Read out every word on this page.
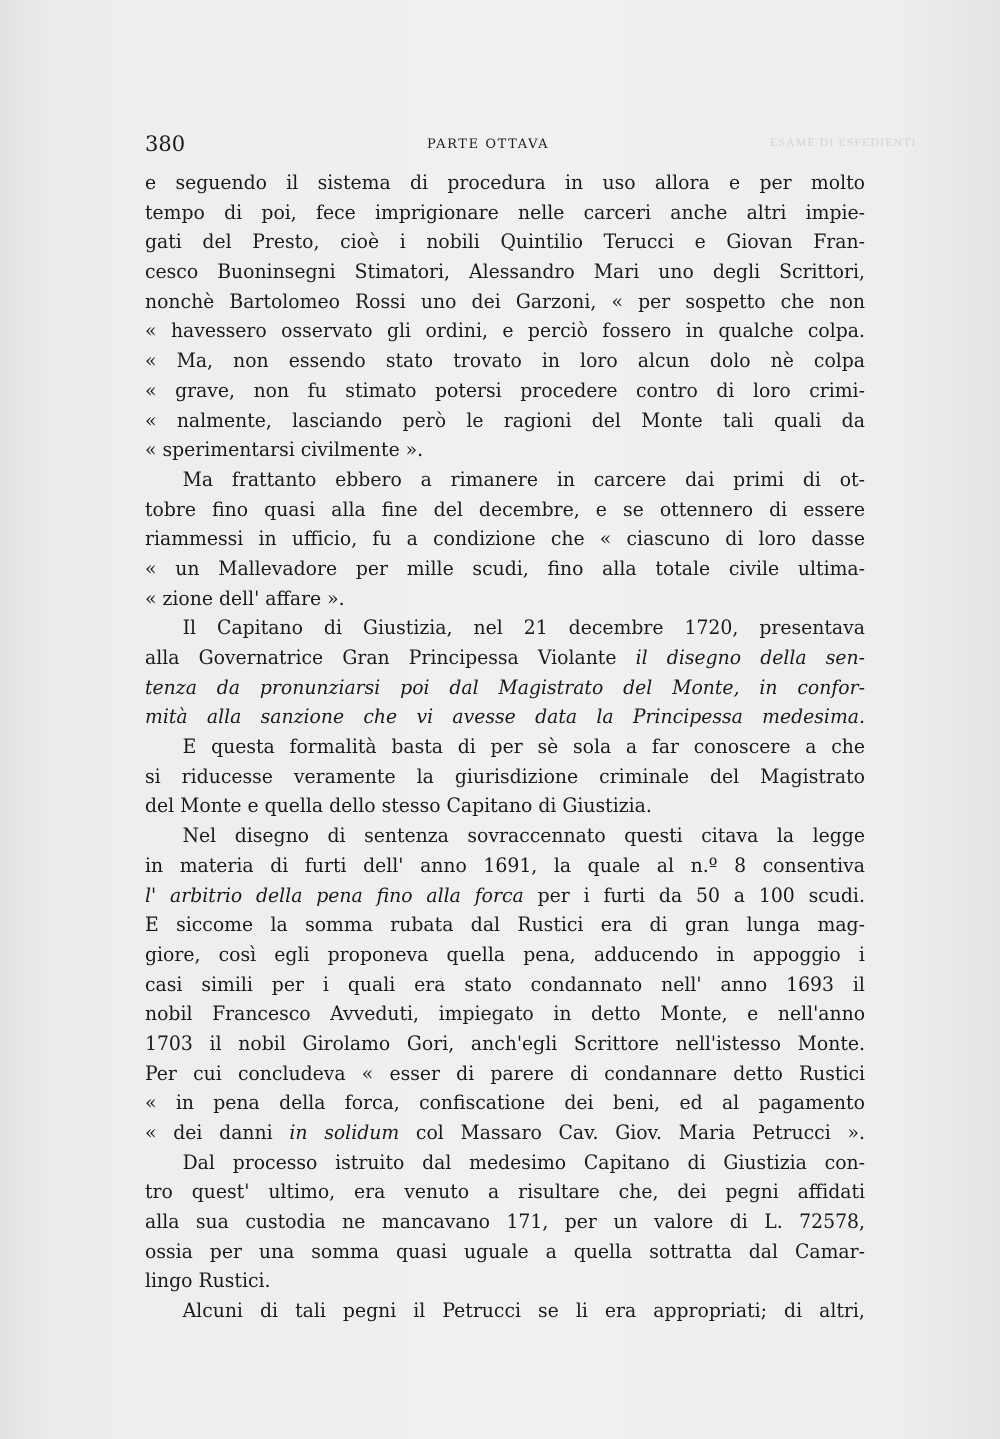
ESAME DI ESPEDIENTI
380	PARTE OTTAVA
e seguendo il sistema di procedura in uso allora e per molto
tempo di poi, fece imprigionare nelle carceri anche altri impie-
gati del Presto, cioè i nobili Quintilio Terucci e Giovan Fran-
cesco Buoninsegni Stimatori, Alessandro Mari uno degli Scrittori,
nonchè Bartolomeo Rossi uno dei Garzoni, « per sospetto che non
« havessero osservato gli ordini, e perciò fossero in qualche colpa.
« Ma, non essendo stato trovato in loro alcun dolo nè colpa
« grave, non fu stimato potersi procedere contro di loro crimi-
« nalmente, lasciando però le ragioni del Monte tali quali da
«
sperimentarsi
civilmente
».
Ma frattanto ebbero a rimanere in carcere dai primi di ot-
tobre fino quasi alla fine del decembre, e se ottennero di essere
riammessi in ufficio, fu a condizione che « ciascuno di loro dasse
« un Mallevadore per mille scudi, fino alla totale civile ultima-
«
zione
dell'
affare
».
Il Capitano di Giustizia, nel 21 decembre 1720, presentava
alla Governatrice Gran Principessa Violante il disegno della sen-
tenza da pronunziarsi poi dal Magistrato del Monte, in confor-
mità alla sanzione che vi avesse data la Principessa medesima.
E questa formalità basta di per sè sola a far conoscere a che
si riducesse veramente la giurisdizione criminale del Magistrato
del
Monte
e
quella
dello
stesso
Capitano
di
Giustizia.
Nel disegno di sentenza sovraccennato questi citava la legge
in materia di furti dell' anno 1691, la quale al n.º 8 consentiva
l' arbitrio della pena fino alla forca per i furti da 50 a 100 scudi.
E siccome la somma rubata dal Rustici era di gran lunga mag-
giore, così egli proponeva quella pena, adducendo in appoggio i
casi simili per i quali era stato condannato nell' anno 1693 il
nobil Francesco Avveduti, impiegato in detto Monte, e nell'anno
1703 il nobil Girolamo Gori, anch'egli Scrittore nell'istesso Monte.
Per cui concludeva « esser di parere di condannare detto Rustici
« in pena della forca, confiscatione dei beni, ed al pagamento
« dei danni in solidum col Massaro Cav. Giov. Maria Petrucci ».
Dal processo istruito dal medesimo Capitano di Giustizia con-
tro quest' ultimo, era venuto a risultare che, dei pegni affidati
alla sua custodia ne mancavano 171, per un valore di L. 72578,
ossia per una somma quasi uguale a quella sottratta dal Camar-
lingo
Rustici.
Alcuni di tali pegni il Petrucci se li era appropriati; di altri,
